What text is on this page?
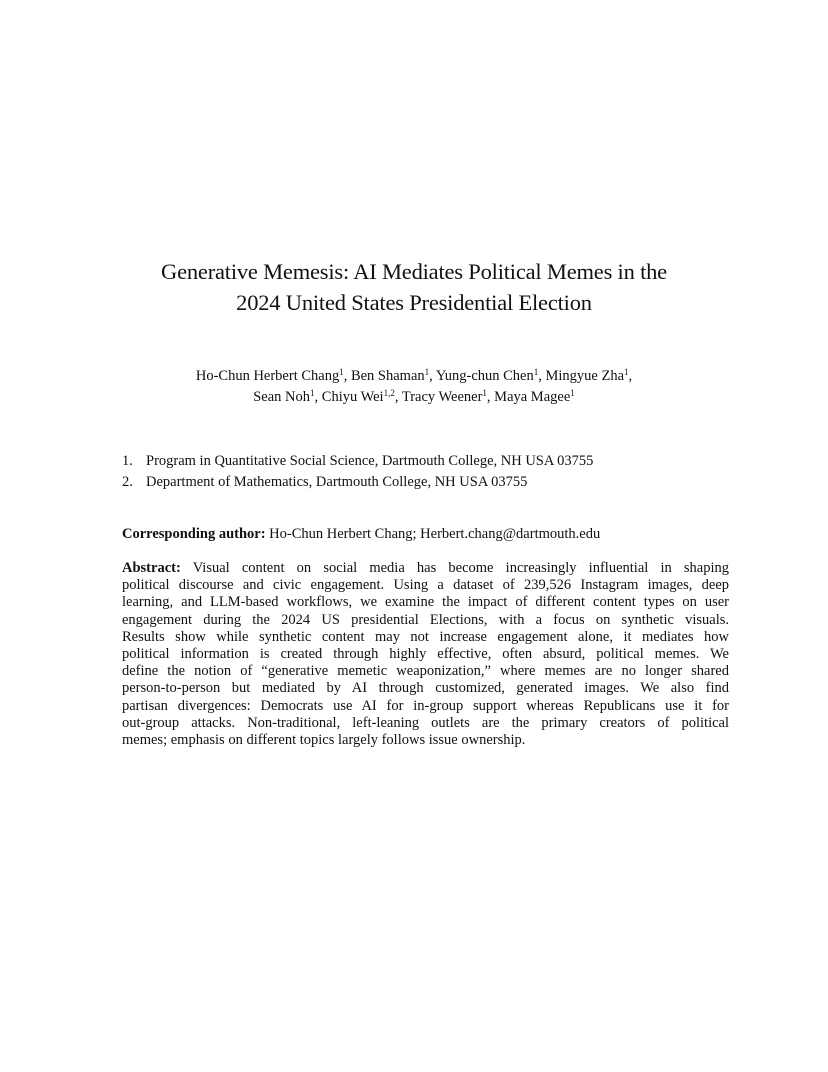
Generative Memesis: AI Mediates Political Memes in the
2024 United States Presidential Election
Ho-Chun Herbert Chang$^1$, Ben Shaman$^1$, Yung-chun Chen$^1$, Mingyue Zha$^1$,
Sean Noh$^1$, Chiyu Wei$^{1,2}$, Tracy Weener$^1$, Maya Magee$^1$
1. Program in Quantitative Social Science, Dartmouth College, NH USA 03755
2. Department of Mathematics, Dartmouth College, NH USA 03755
Corresponding author: Ho-Chun Herbert Chang; Herbert.chang@dartmouth.edu
Abstract: Visual content on social media has become increasingly influential in shaping
political discourse and civic engagement. Using a dataset of 239,526 Instagram images, deep
learning, and LLM-based workflows, we examine the impact of different content types on user
engagement during the 2024 US presidential Elections, with a focus on synthetic visuals.
Results show while synthetic content may not increase engagement alone, it mediates how
political information is created through highly effective, often absurd, political memes. We
define the notion of “generative memetic weaponization,” where memes are no longer shared
person-to-person but mediated by AI through customized, generated images. We also find
partisan divergences: Democrats use AI for in-group support whereas Republicans use it for
out-group attacks. Non-traditional, left-leaning outlets are the primary creators of political
memes; emphasis on different topics largely follows issue ownership.
